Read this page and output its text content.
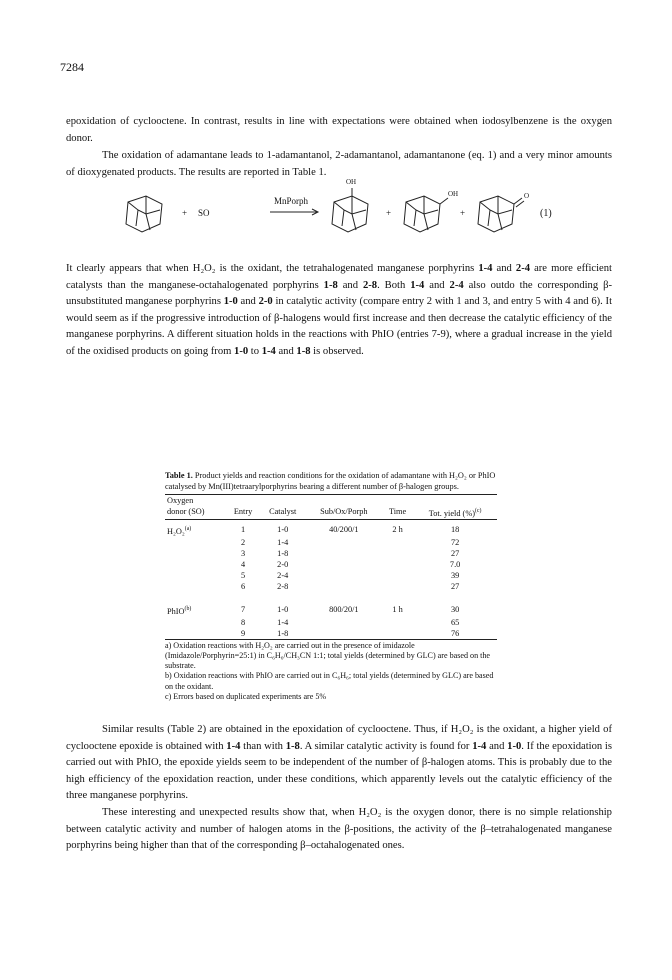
7284

epoxidation of cyclooctene. In contrast, results in line with expectations were obtained when iodosylbenzene is the oxygen donor.

The oxidation of adamantane leads to 1-adamantanol, 2-adamantanol, adamantanone (eq. 1) and a very minor amounts of dioxygenated products. The results are reported in Table 1.

+ SO
MnPorph
OH
+
OH
+
O
(1)

It clearly appears that when H₂O₂ is the oxidant, the tetrahalogenated manganese porphyrins 1-4 and 2-4 are more efficient catalysts than the manganese-octahalogenated porphyrins 1-8 and 2-8. Both 1-4 and 2-4 also outdo the corresponding β-unsubstituted manganese porphyrins 1-0 and 2-0 in catalytic activity (compare entry 2 with 1 and 3, and entry 5 with 4 and 6). It would seem as if the progressive introduction of β-halogens would first increase and then decrease the catalytic efficiency of the manganese porphyrins. A different situation holds in the reactions with PhIO (entries 7-9), where a gradual increase in the yield of the oxidised products on going from 1-0 to 1-4 and 1-8 is observed.

Table 1. Product yields and reaction conditions for the oxidation of adamantane with H₂O₂ or PhIO catalysed by Mn(III)tetraarylporphyrins bearing a different number of β-halogen groups.

Oxygen					
donor (SO)	Entry	Catalyst	Sub/Ox/Porph	Time	Tot. yield (%)$^{(c)}$

H₂O₂$^{(a)}$	1	1-0	40/200/1	2 h	18
	2	1-4			72
	3	1-8			27
	4	2-0			7.0
	5	2-4			39
	6	2-8			27

PhIO$^{(b)}$	7	1-0	800/20/1	1 h	30
	8	1-4			65
	9	1-8			76

a) Oxidation reactions with H₂O₂ are carried out in the presence of imidazole (Imidazole/Porphyrin=25:1) in C₆H₆/CH₃CN 1:1; total yields (determined by GLC) are based on the substrate.

b) Oxidation reactions with PhIO are carried out in C₆H₆; total yields (determined by GLC) are based on the oxidant.

c) Errors based on duplicated experiments are 5%

Similar results (Table 2) are obtained in the epoxidation of cyclooctene. Thus, if H₂O₂ is the oxidant, a higher yield of cyclooctene epoxide is obtained with 1-4 than with 1-8. A similar catalytic activity is found for 1-4 and 1-0. If the epoxidation is carried out with PhIO, the epoxide yields seem to be independent of the number of β-halogen atoms. This is probably due to the high efficiency of the epoxidation reaction, under these conditions, which apparently levels out the catalytic efficiency of the three manganese porphyrins.

These interesting and unexpected results show that, when H₂O₂ is the oxygen donor, there is no simple relationship between catalytic activity and number of halogen atoms in the β-positions, the activity of the β–tetrahalogenated manganese porphyrins being higher than that of the corresponding β–octahalogenated ones.
